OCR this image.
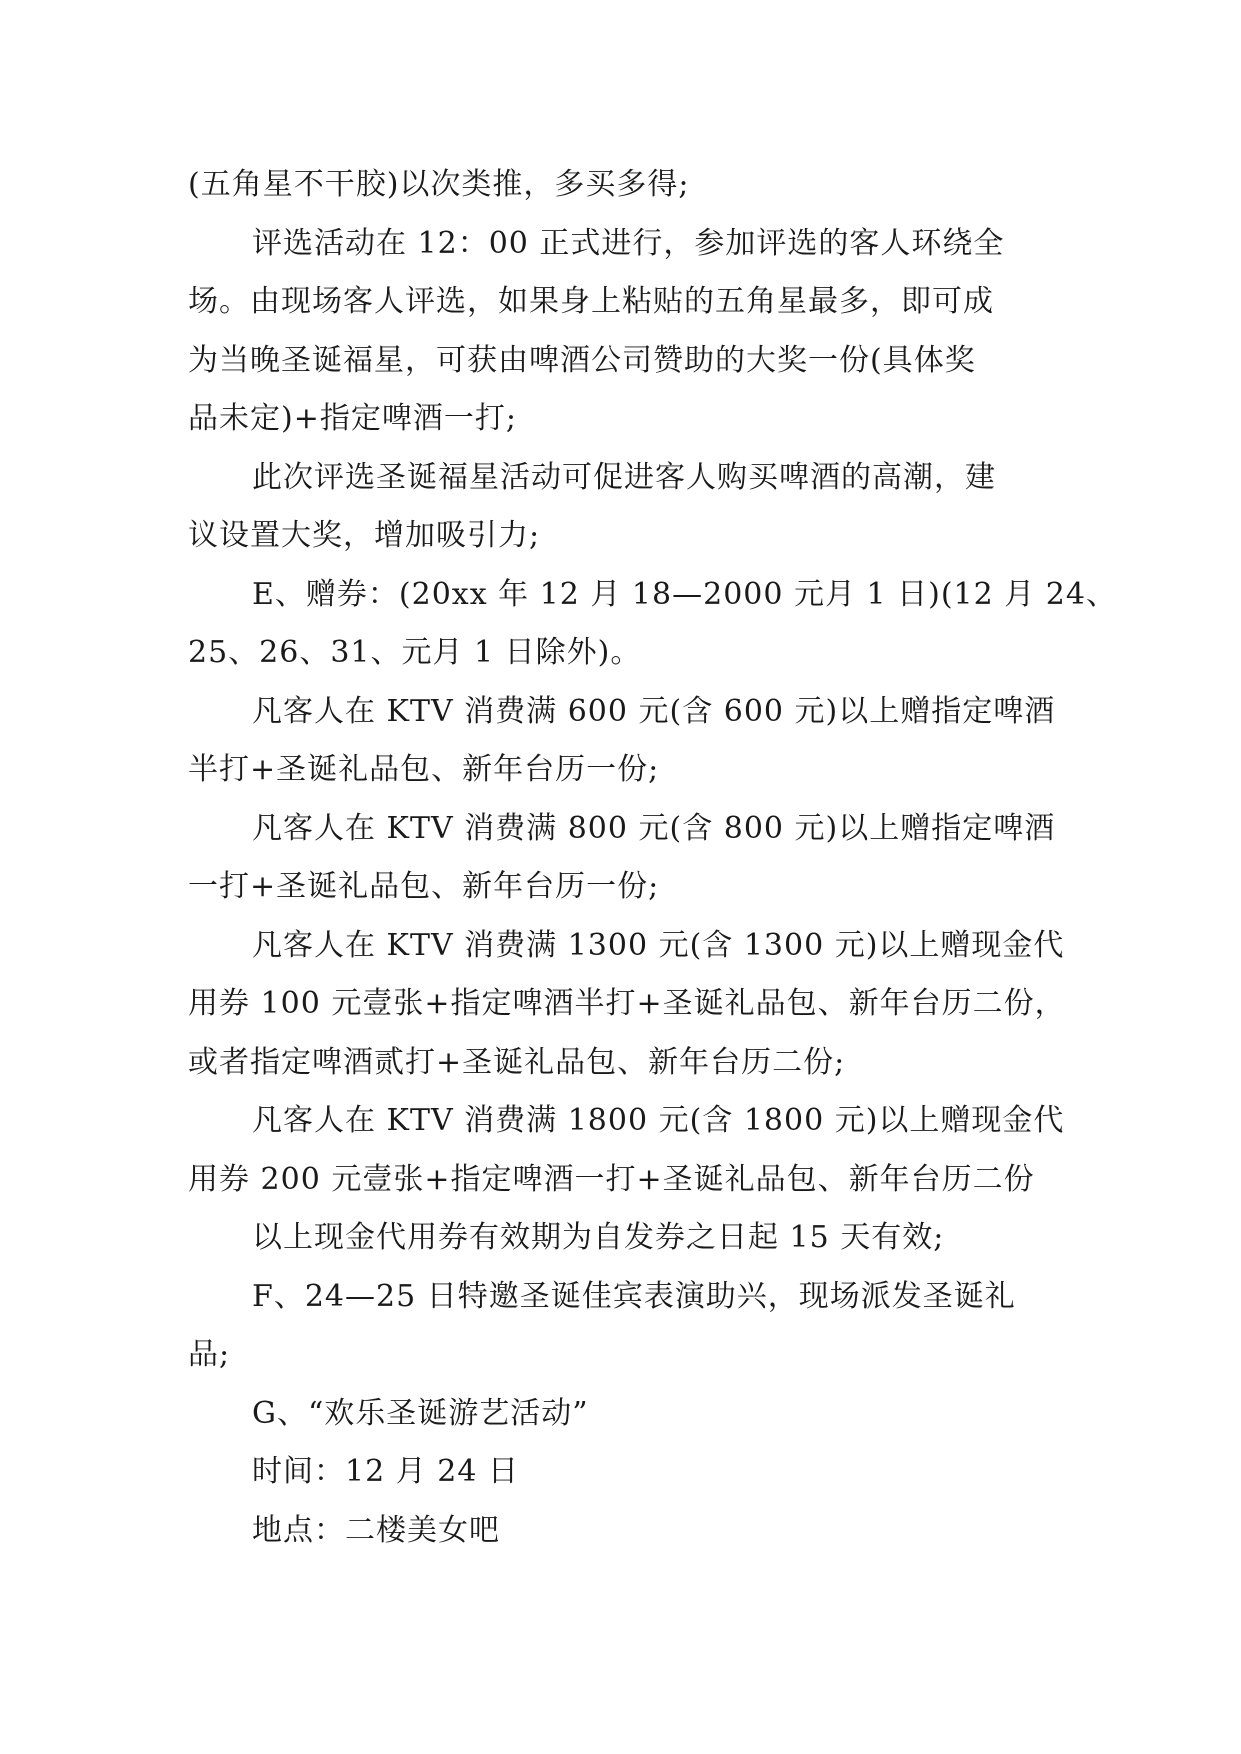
(五角星不干胶)以次类推，多买多得;
评选活动在 12：00 正式进行，参加评选的客人环绕全
场。由现场客人评选，如果身上粘贴的五角星最多，即可成
为当晚圣诞福星，可获由啤酒公司赞助的大奖一份(具体奖
品未定)+指定啤酒一打;
此次评选圣诞福星活动可促进客人购买啤酒的高潮，建
议设置大奖，增加吸引力;
E、赠券：(20xx 年 12 月 18—2000 元月 1 日)(12 月 24、
25、26、31、元月 1 日除外)。
凡客人在 KTV 消费满 600 元(含 600 元)以上赠指定啤酒
半打+圣诞礼品包、新年台历一份;
凡客人在 KTV 消费满 800 元(含 800 元)以上赠指定啤酒
一打+圣诞礼品包、新年台历一份;
凡客人在 KTV 消费满 1300 元(含 1300 元)以上赠现金代
用券 100 元壹张+指定啤酒半打+圣诞礼品包、新年台历二份，
或者指定啤酒贰打+圣诞礼品包、新年台历二份;
凡客人在 KTV 消费满 1800 元(含 1800 元)以上赠现金代
用券 200 元壹张+指定啤酒一打+圣诞礼品包、新年台历二份
以上现金代用券有效期为自发券之日起 15 天有效;
F、24—25 日特邀圣诞佳宾表演助兴，现场派发圣诞礼
品;
G、“欢乐圣诞游艺活动”
时间：12 月 24 日
地点：二楼美女吧
